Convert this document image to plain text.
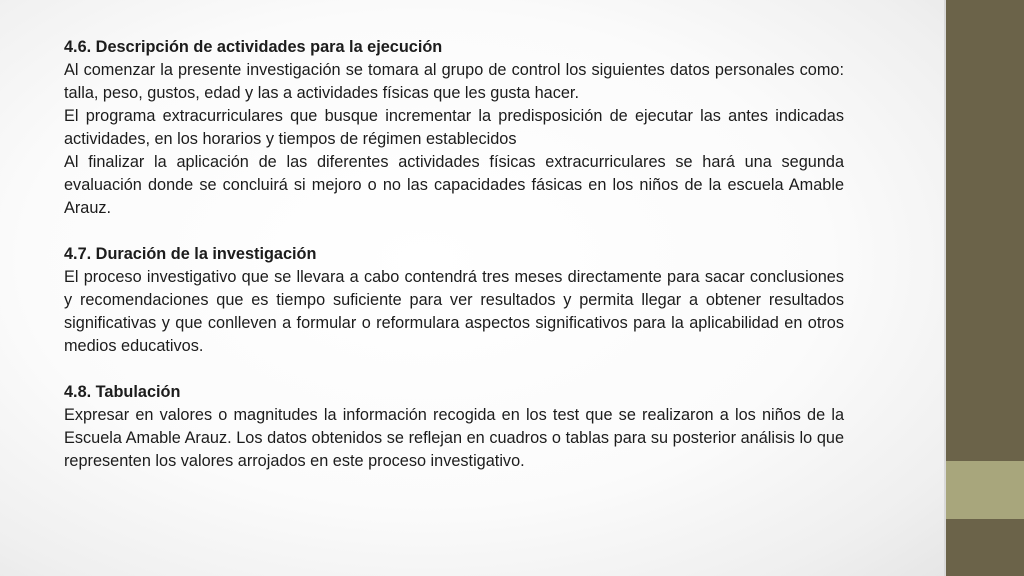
4.6. Descripción de actividades para la ejecución

Al comenzar la presente investigación se tomara al grupo de control los siguientes datos personales como: talla, peso, gustos, edad y las a actividades físicas que les gusta hacer.

El programa extracurriculares que busque incrementar la predisposición de ejecutar las antes indicadas actividades, en los horarios y tiempos de régimen establecidos

Al finalizar la aplicación de las diferentes actividades físicas extracurriculares se hará una segunda evaluación donde se concluirá si mejoro o no las capacidades fásicas en los niños de la escuela Amable Arauz.

4.7. Duración de la investigación

El proceso investigativo que se llevara a cabo contendrá tres meses directamente para sacar conclusiones y recomendaciones que es tiempo suficiente para ver resultados y permita llegar a obtener resultados significativas y que conlleven a formular o reformulara aspectos significativos para la aplicabilidad en otros medios educativos.

4.8. Tabulación

Expresar en valores o magnitudes la información recogida en los test que se realizaron a los niños de la Escuela Amable Arauz. Los datos obtenidos se reflejan en cuadros o tablas para su posterior análisis lo que representen los valores arrojados en este proceso investigativo.
